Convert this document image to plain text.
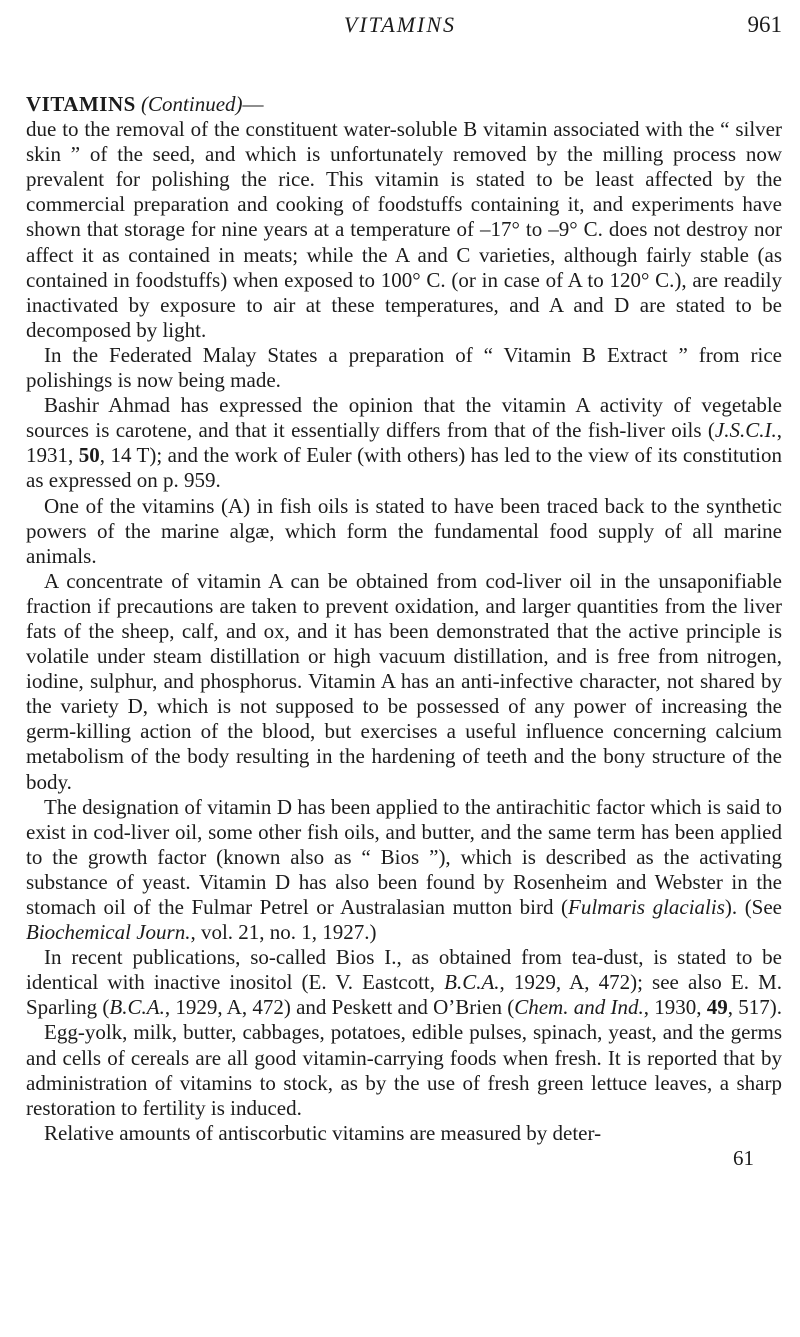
VITAMINS	961

VITAMINS (Continued)—
due to the removal of the constituent water-soluble B vitamin associated with the “ silver skin ” of the seed, and which is unfortunately removed by the milling process now prevalent for polishing the rice. This vitamin is stated to be least affected by the commercial preparation and cooking of foodstuffs containing it, and experiments have shown that storage for nine years at a temperature of –17° to –9° C. does not destroy nor affect it as contained in meats; while the A and C varieties, although fairly stable (as contained in foodstuffs) when exposed to 100° C. (or in case of A to 120° C.), are readily inactivated by exposure to air at these temperatures, and A and D are stated to be decomposed by light.

In the Federated Malay States a preparation of “ Vitamin B Extract ” from rice polishings is now being made.

Bashir Ahmad has expressed the opinion that the vitamin A activity of vegetable sources is carotene, and that it essentially differs from that of the fish-liver oils (J.S.C.I., 1931, 50, 14 T); and the work of Euler (with others) has led to the view of its constitution as expressed on p. 959.

One of the vitamins (A) in fish oils is stated to have been traced back to the synthetic powers of the marine algæ, which form the fundamental food supply of all marine animals.

A concentrate of vitamin A can be obtained from cod-liver oil in the unsaponifiable fraction if precautions are taken to prevent oxidation, and larger quantities from the liver fats of the sheep, calf, and ox, and it has been demonstrated that the active principle is volatile under steam distillation or high vacuum distillation, and is free from nitrogen, iodine, sulphur, and phosphorus. Vitamin A has an anti-infective character, not shared by the variety D, which is not supposed to be possessed of any power of increasing the germ-killing action of the blood, but exercises a useful influence concerning calcium metabolism of the body resulting in the hardening of teeth and the bony structure of the body.

The designation of vitamin D has been applied to the antirachitic factor which is said to exist in cod-liver oil, some other fish oils, and butter, and the same term has been applied to the growth factor (known also as “ Bios ”), which is described as the activating substance of yeast. Vitamin D has also been found by Rosenheim and Webster in the stomach oil of the Fulmar Petrel or Australasian mutton bird (Fulmaris glacialis). (See Biochemical Journ., vol. 21, no. 1, 1927.)

In recent publications, so-called Bios I., as obtained from tea-dust, is stated to be identical with inactive inositol (E. V. Eastcott, B.C.A., 1929, A, 472); see also E. M. Sparling (B.C.A., 1929, A, 472) and Peskett and O’Brien (Chem. and Ind., 1930, 49, 517).

Egg-yolk, milk, butter, cabbages, potatoes, edible pulses, spinach, yeast, and the germs and cells of cereals are all good vitamin-carrying foods when fresh. It is reported that by administration of vitamins to stock, as by the use of fresh green lettuce leaves, a sharp restoration to fertility is induced.

Relative amounts of antiscorbutic vitamins are measured by deter-

61
